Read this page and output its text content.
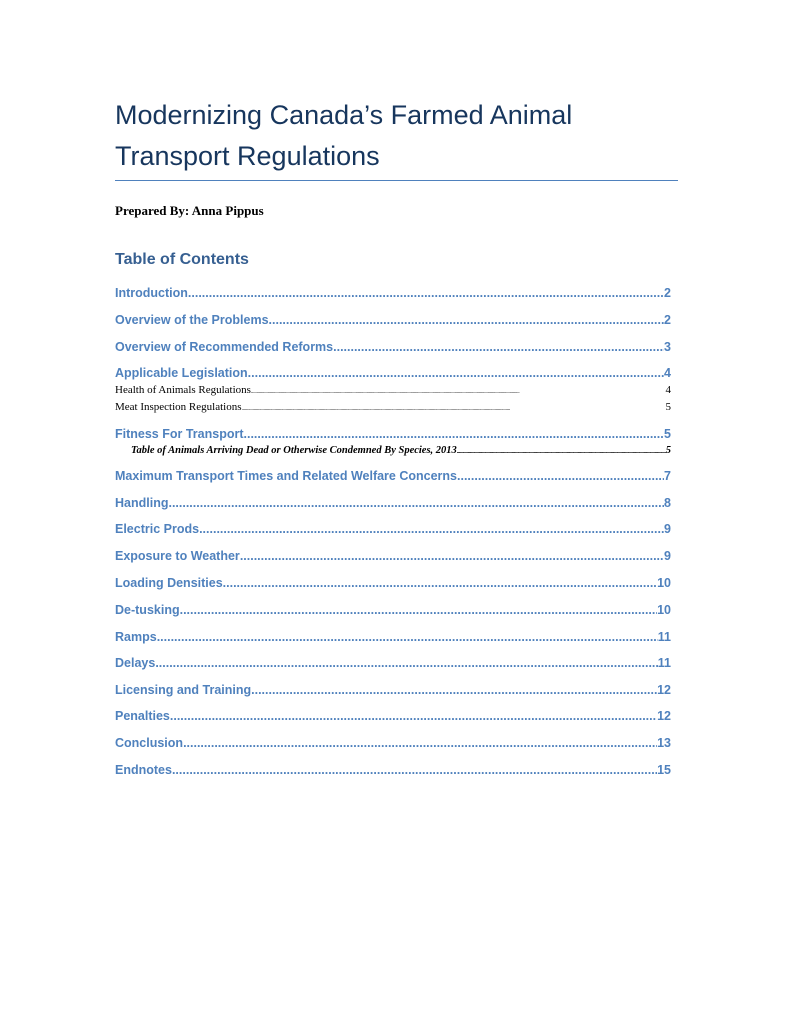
Modernizing Canada’s Farmed Animal Transport Regulations
Prepared By: Anna Pippus
Table of Contents
Introduction .....	2
Overview of the Problems .....	2
Overview of Recommended Reforms .....	3
Applicable Legislation .....	4
Health of Animals Regulations .....	4
Meat Inspection Regulations .....	5
Fitness For Transport .....	5
Table of Animals Arriving Dead or Otherwise Condemned By Species, 2013 .....	5
Maximum Transport Times and Related Welfare Concerns .....	7
Handling .....	8
Electric Prods .....	9
Exposure to Weather .....	9
Loading Densities .....	10
De-tusking .....	10
Ramps .....	11
Delays .....	11
Licensing and Training .....	12
Penalties .....	12
Conclusion .....	13
Endnotes .....	15
